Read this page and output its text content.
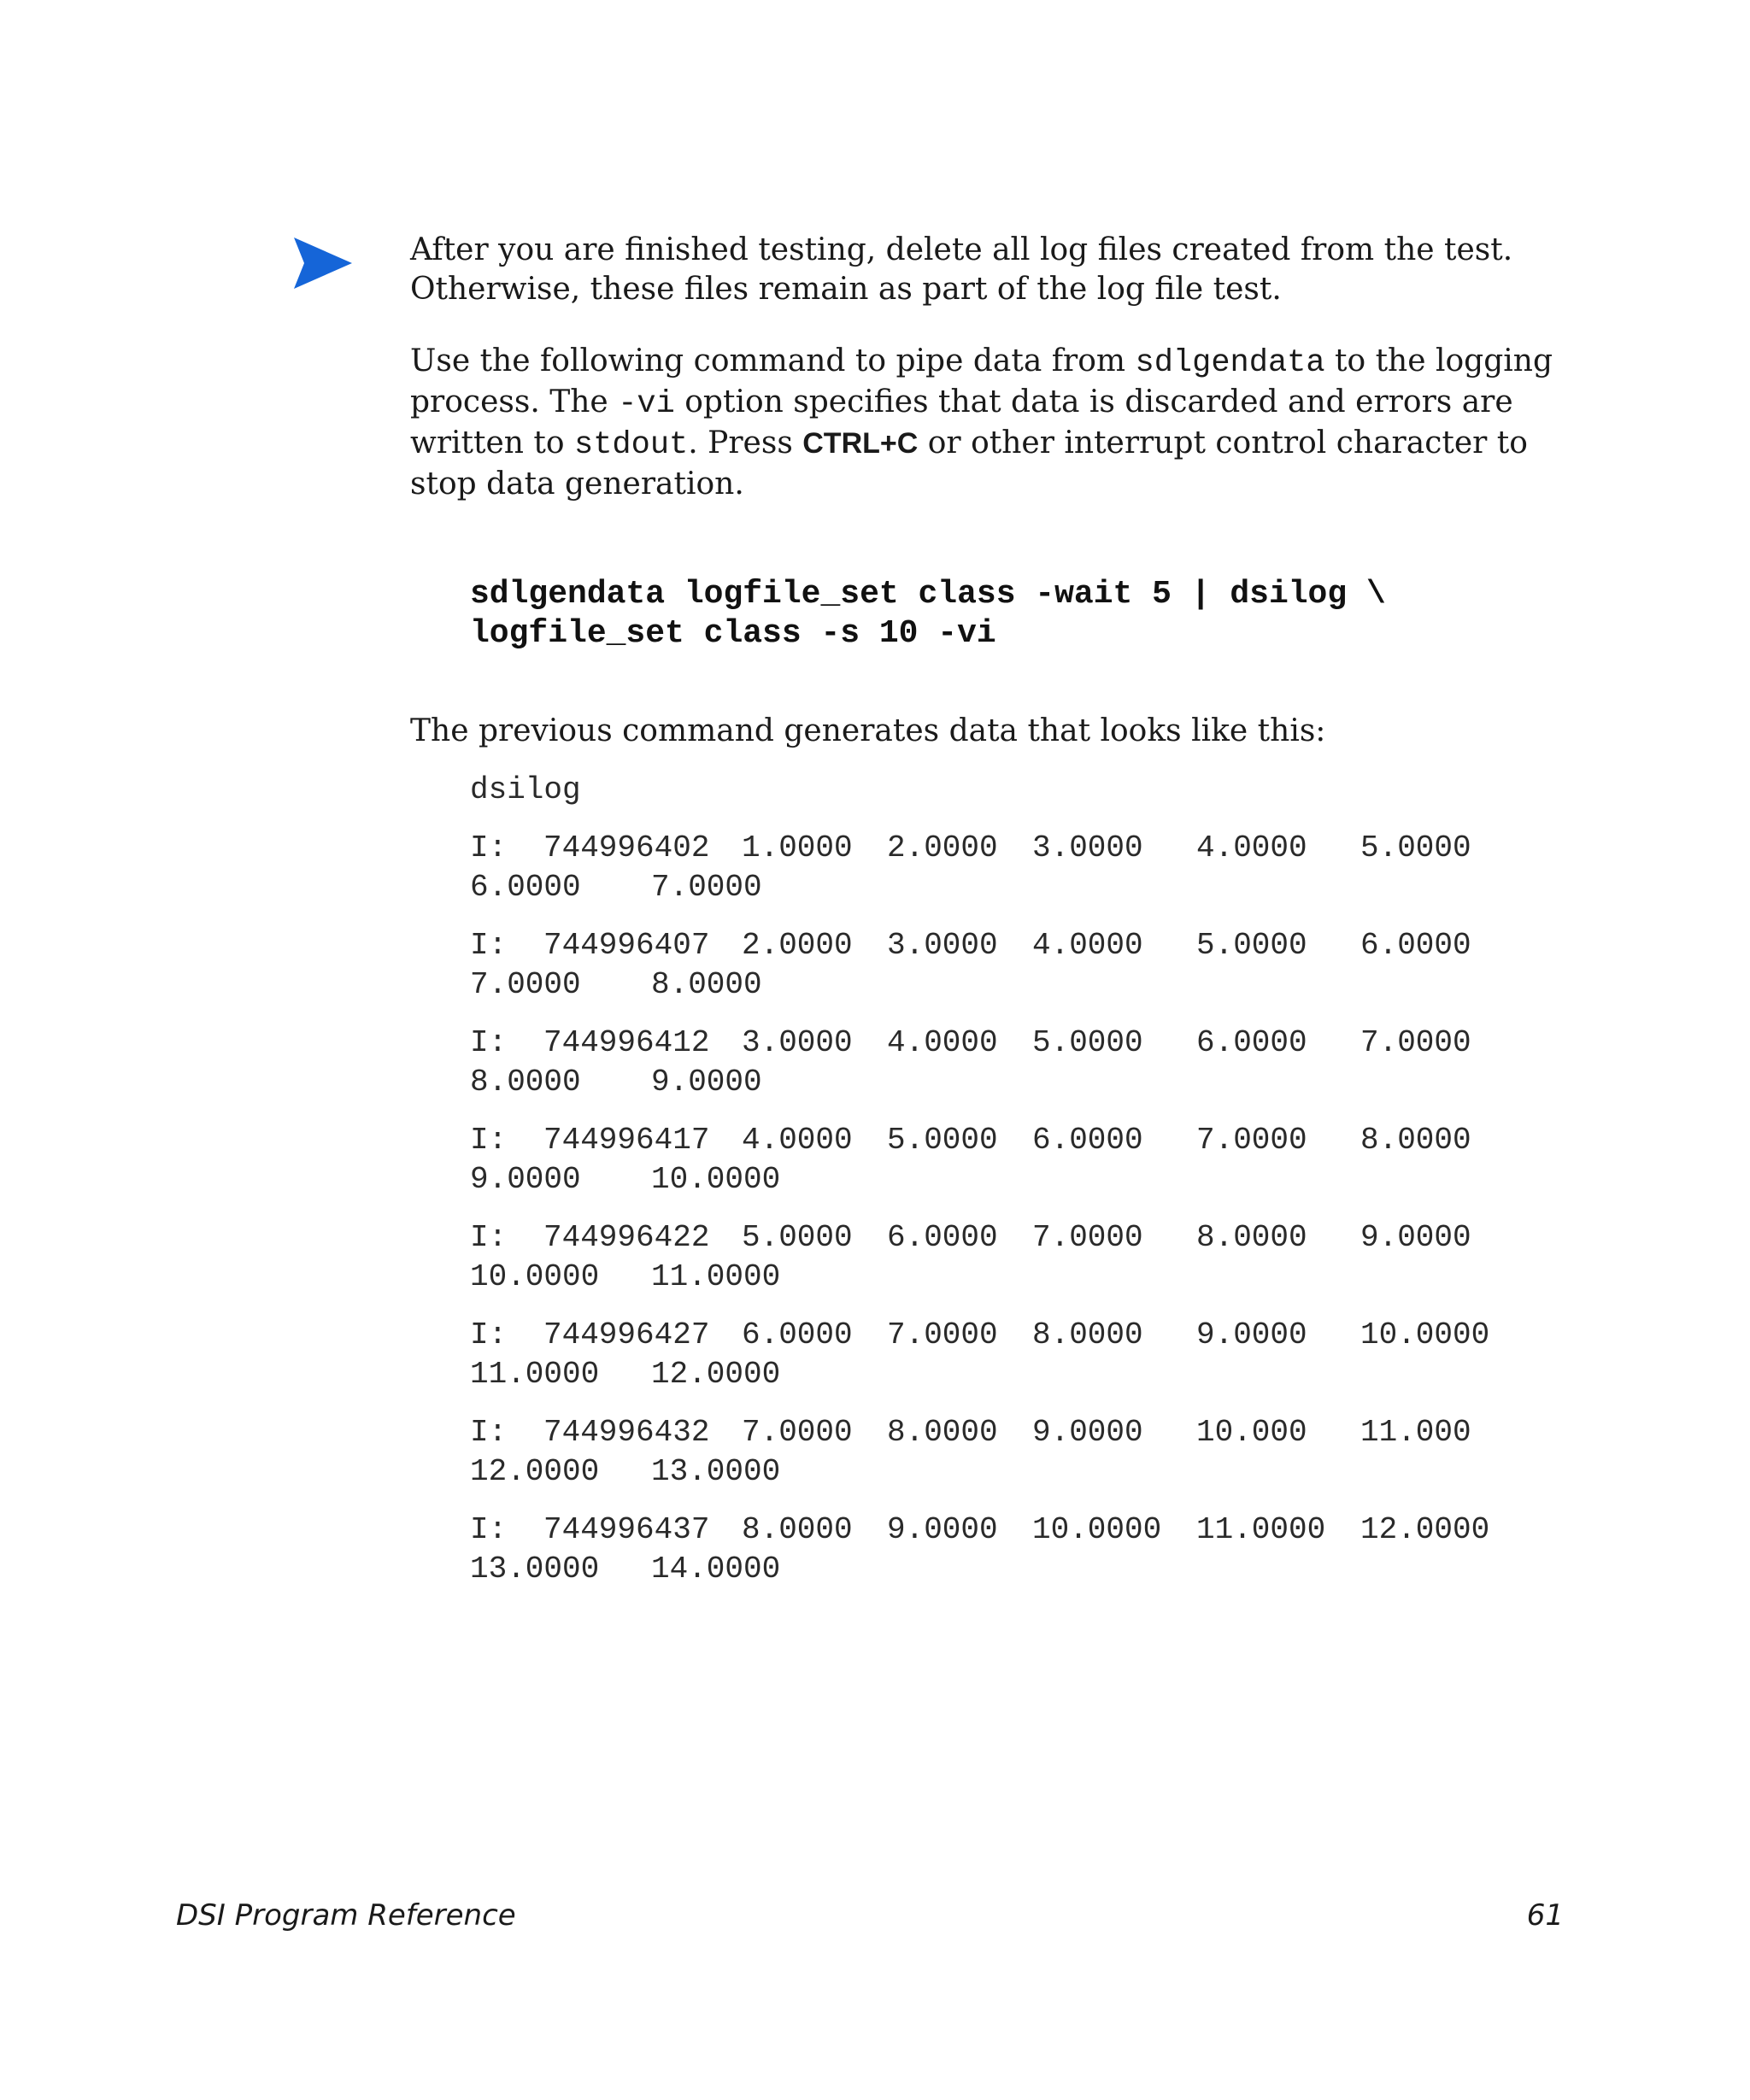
After you are finished testing, delete all log files created from the test. Otherwise, these files remain as part of the log file test.

Use the following command to pipe data from sdlgendata to the logging process. The -vi option specifies that data is discarded and errors are written to stdout. Press CTRL+C or other interrupt control character to stop data generation.

sdlgendata logfile_set class -wait 5 | dsilog \
logfile_set class -s 10 -vi

The previous command generates data that looks like this:

dsilog
I: 744996402 1.0000 2.0000 3.0000 4.0000 5.0000
6.0000 7.0000
I: 744996407 2.0000 3.0000 4.0000 5.0000 6.0000
7.0000 8.0000
I: 744996412 3.0000 4.0000 5.0000 6.0000 7.0000
8.0000 9.0000
I: 744996417 4.0000 5.0000 6.0000 7.0000 8.0000
9.0000 10.0000
I: 744996422 5.0000 6.0000 7.0000 8.0000 9.0000
10.0000 11.0000
I: 744996427 6.0000 7.0000 8.0000 9.0000 10.0000
11.0000 12.0000
I: 744996432 7.0000 8.0000 9.0000 10.000 11.000
12.0000 13.0000
I: 744996437 8.0000 9.0000 10.0000 11.0000 12.0000
13.0000 14.0000
DSI Program Reference	61
